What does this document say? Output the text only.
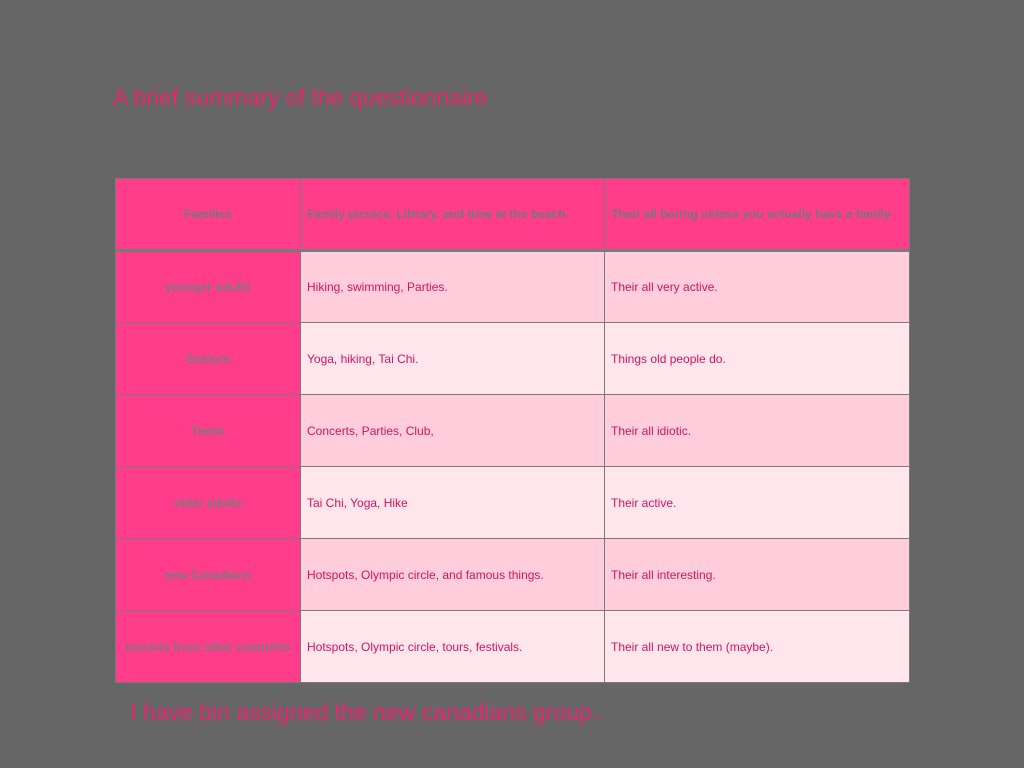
A brief summary of the questionnaire
Families	Family picnics, Library, and time at the beach.	Their all boring unless you actually have a family
younger adults	Hiking, swimming, Parties.	Their all very active.
Seniors	Yoga, hiking, Tai Chi.	Things old people do.
Teens	Concerts, Parties, Club,	Their all idiotic.
older adults	Tai Chi, Yoga, Hike	Their active.
new Canadians	Hotspots, Olympic circle, and famous things.	Their all interesting.
tourists from other countries	Hotspots, Olympic circle, tours, festivals.	Their all new to them (maybe).
I have bin assigned the new canadians group..
